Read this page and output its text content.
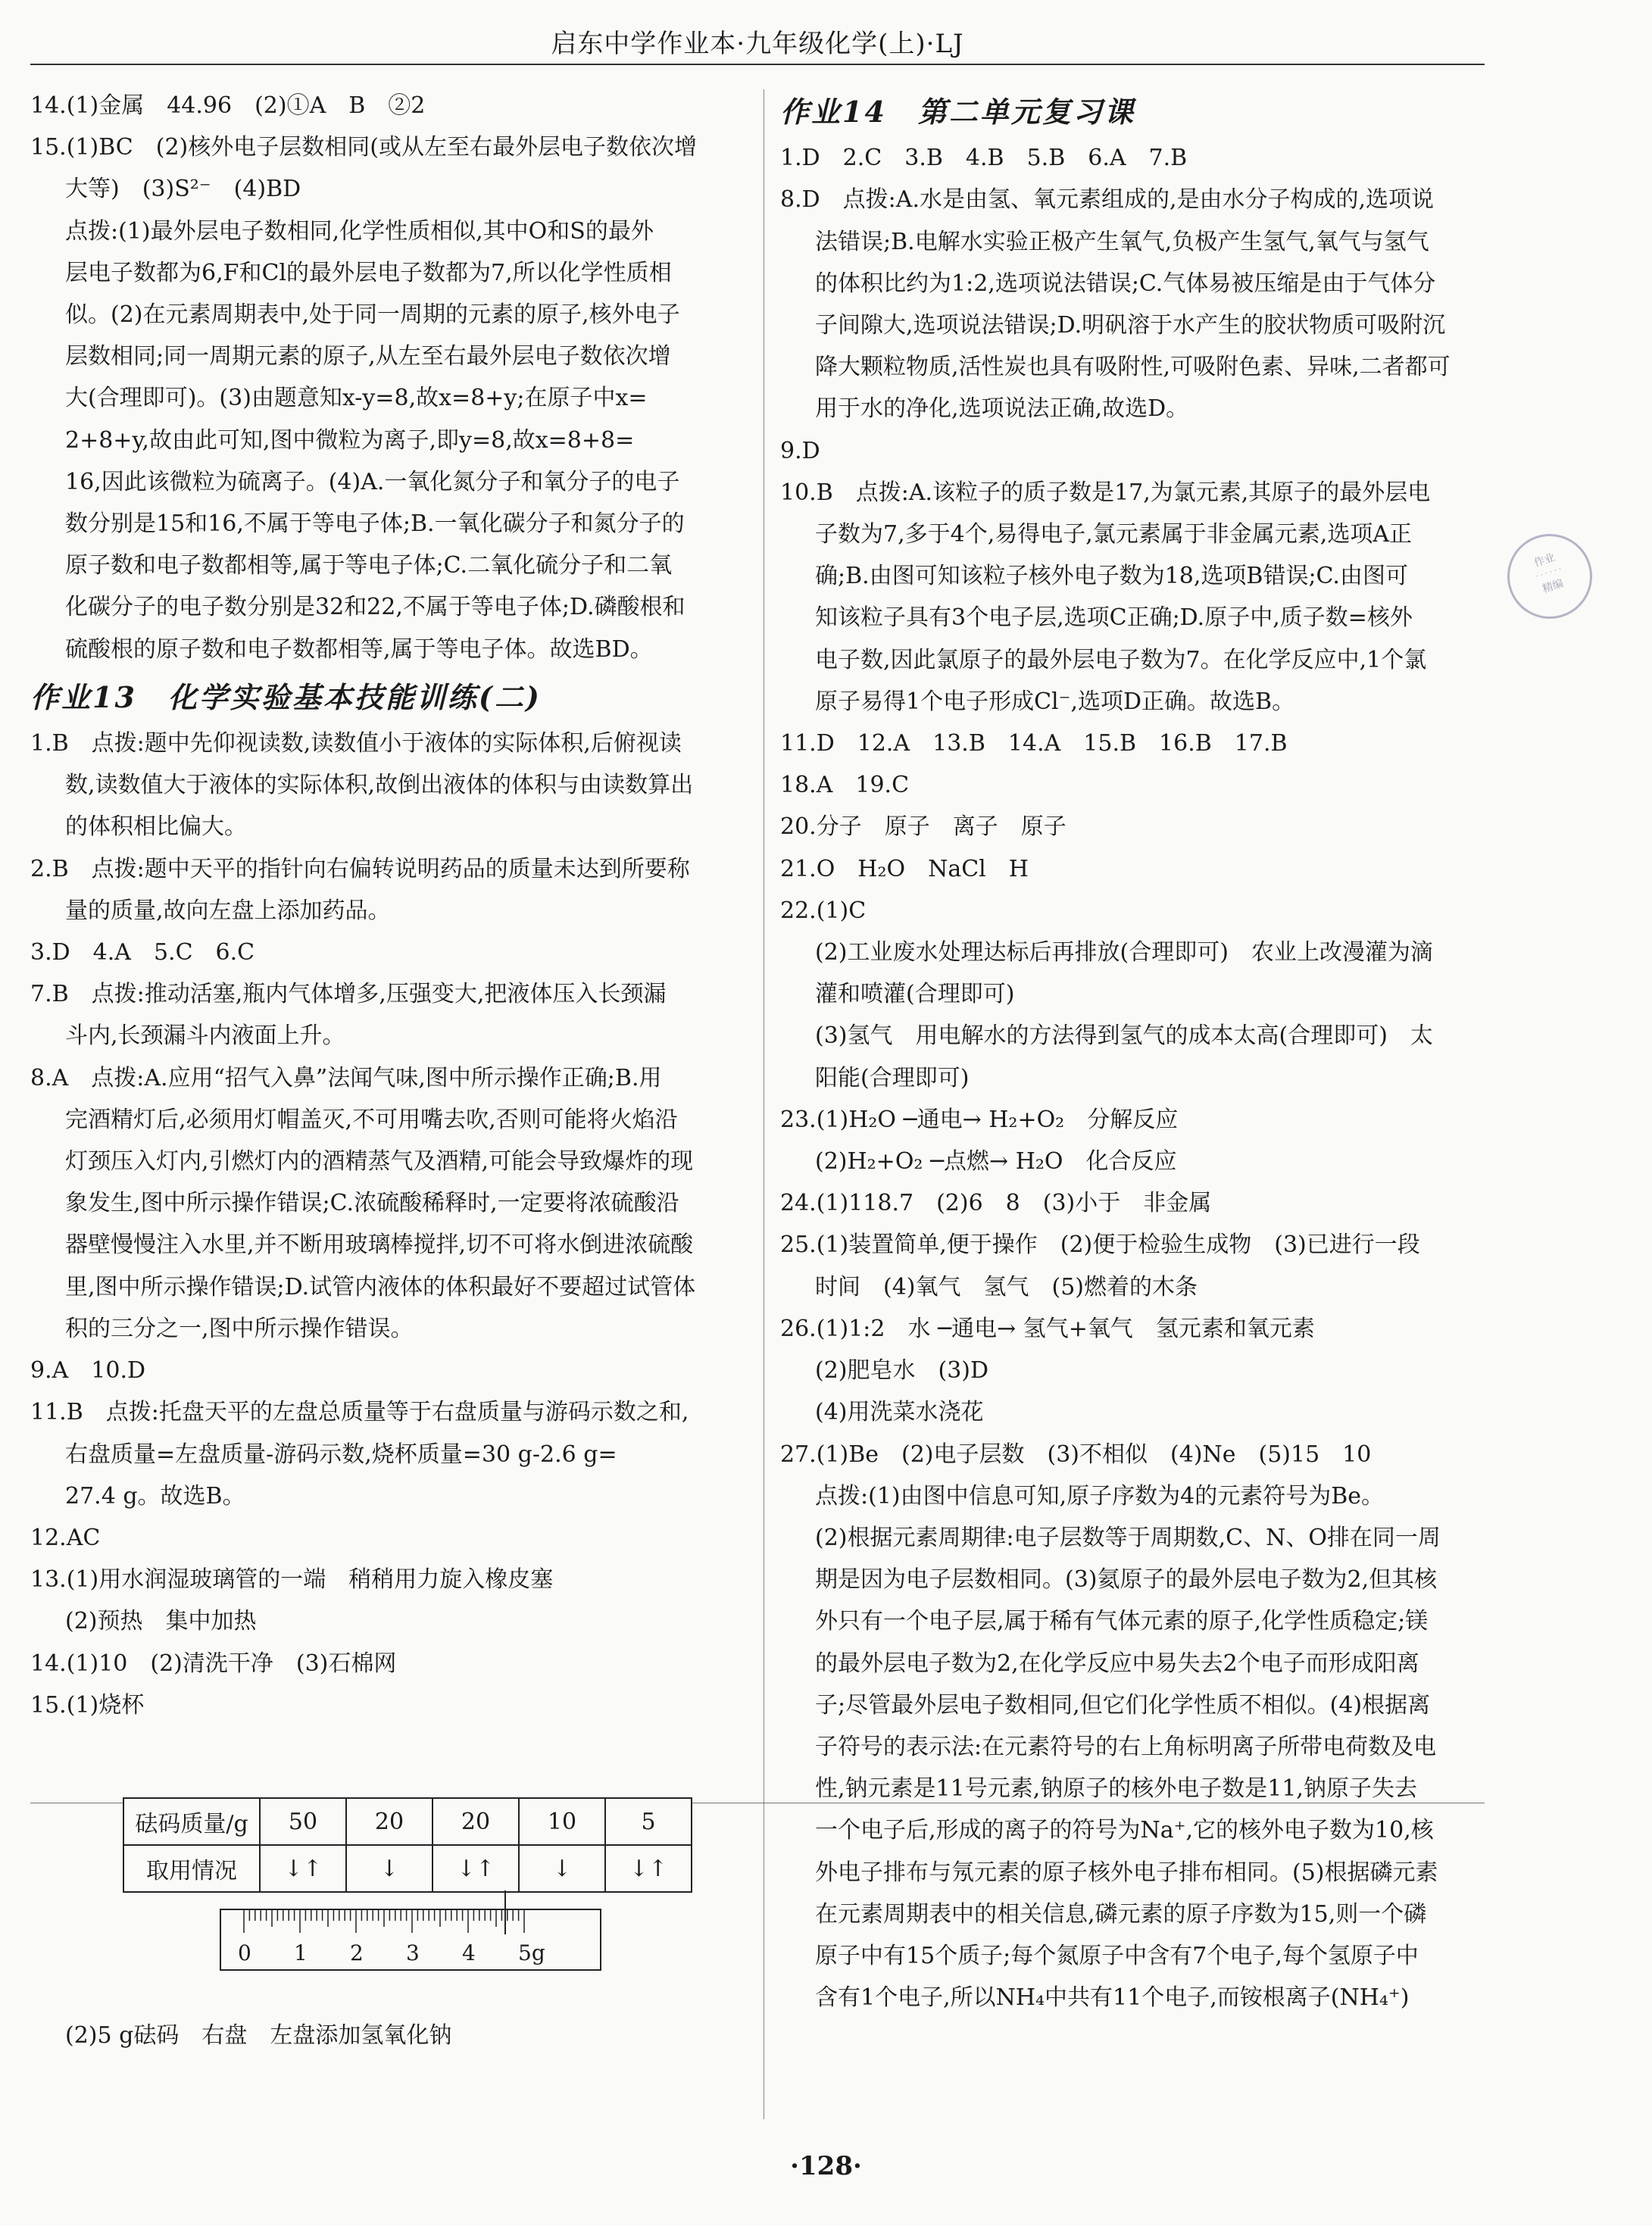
启东中学作业本·九年级化学(上)·LJ
14.(1)金属　44.96　(2)①A　B　②2
15.(1)BC　(2)核外电子层数相同(或从左至右最外层电子数依次增
大等)　(3)S²⁻　(4)BD
点拨:(1)最外层电子数相同,化学性质相似,其中O和S的最外
层电子数都为6,F和Cl的最外层电子数都为7,所以化学性质相
似。(2)在元素周期表中,处于同一周期的元素的原子,核外电子
层数相同;同一周期元素的原子,从左至右最外层电子数依次增
大(合理即可)。(3)由题意知x-y=8,故x=8+y;在原子中x=
2+8+y,故由此可知,图中微粒为离子,即y=8,故x=8+8=
16,因此该微粒为硫离子。(4)A.一氧化氮分子和氧分子的电子
数分别是15和16,不属于等电子体;B.一氧化碳分子和氮分子的
原子数和电子数都相等,属于等电子体;C.二氧化硫分子和二氧
化碳分子的电子数分别是32和22,不属于等电子体;D.磷酸根和
硫酸根的原子数和电子数都相等,属于等电子体。故选BD。
作业13　化学实验基本技能训练(二)
1.B　点拨:题中先仰视读数,读数值小于液体的实际体积,后俯视读
数,读数值大于液体的实际体积,故倒出液体的体积与由读数算出
的体积相比偏大。
2.B　点拨:题中天平的指针向右偏转说明药品的质量未达到所要称
量的质量,故向左盘上添加药品。
3.D　4.A　5.C　6.C
7.B　点拨:推动活塞,瓶内气体增多,压强变大,把液体压入长颈漏
斗内,长颈漏斗内液面上升。
8.A　点拨:A.应用“招气入鼻”法闻气味,图中所示操作正确;B.用
完酒精灯后,必须用灯帽盖灭,不可用嘴去吹,否则可能将火焰沿
灯颈压入灯内,引燃灯内的酒精蒸气及酒精,可能会导致爆炸的现
象发生,图中所示操作错误;C.浓硫酸稀释时,一定要将浓硫酸沿
器壁慢慢注入水里,并不断用玻璃棒搅拌,切不可将水倒进浓硫酸
里,图中所示操作错误;D.试管内液体的体积最好不要超过试管体
积的三分之一,图中所示操作错误。
9.A　10.D
11.B　点拨:托盘天平的左盘总质量等于右盘质量与游码示数之和,
右盘质量=左盘质量-游码示数,烧杯质量=30 g-2.6 g=
27.4 g。故选B。
12.AC
13.(1)用水润湿玻璃管的一端　稍稍用力旋入橡皮塞
(2)预热　集中加热
14.(1)10　(2)清洗干净　(3)石棉网
15.(1)烧杯
作业14　第二单元复习课
1.D　2.C　3.B　4.B　5.B　6.A　7.B
8.D　点拨:A.水是由氢、氧元素组成的,是由水分子构成的,选项说
法错误;B.电解水实验正极产生氧气,负极产生氢气,氧气与氢气
的体积比约为1:2,选项说法错误;C.气体易被压缩是由于气体分
子间隙大,选项说法错误;D.明矾溶于水产生的胶状物质可吸附沉
降大颗粒物质,活性炭也具有吸附性,可吸附色素、异味,二者都可
用于水的净化,选项说法正确,故选D。
9.D
10.B　点拨:A.该粒子的质子数是17,为氯元素,其原子的最外层电
子数为7,多于4个,易得电子,氯元素属于非金属元素,选项A正
确;B.由图可知该粒子核外电子数为18,选项B错误;C.由图可
知该粒子具有3个电子层,选项C正确;D.原子中,质子数=核外
电子数,因此氯原子的最外层电子数为7。在化学反应中,1个氯
原子易得1个电子形成Cl⁻,选项D正确。故选B。
11.D　12.A　13.B　14.A　15.B　16.B　17.B
18.A　19.C
20.分子　原子　离子　原子
21.O　H₂O　NaCl　H
22.(1)C
(2)工业废水处理达标后再排放(合理即可)　农业上改漫灌为滴
灌和喷灌(合理即可)
(3)氢气　用电解水的方法得到氢气的成本太高(合理即可)　太
阳能(合理即可)
23.(1)H₂O ─通电→ H₂+O₂　分解反应
(2)H₂+O₂ ─点燃→ H₂O　化合反应
24.(1)118.7　(2)6　8　(3)小于　非金属
25.(1)装置简单,便于操作　(2)便于检验生成物　(3)已进行一段
时间　(4)氧气　氢气　(5)燃着的木条
26.(1)1:2　水 ─通电→ 氢气+氧气　氢元素和氧元素
(2)肥皂水　(3)D
(4)用洗菜水浇花
27.(1)Be　(2)电子层数　(3)不相似　(4)Ne　(5)15　10
点拨:(1)由图中信息可知,原子序数为4的元素符号为Be。
(2)根据元素周期律:电子层数等于周期数,C、N、O排在同一周
期是因为电子层数相同。(3)氦原子的最外层电子数为2,但其核
外只有一个电子层,属于稀有气体元素的原子,化学性质稳定;镁
的最外层电子数为2,在化学反应中易失去2个电子而形成阳离
子;尽管最外层电子数相同,但它们化学性质不相似。(4)根据离
子符号的表示法:在元素符号的右上角标明离子所带电荷数及电
性,钠元素是11号元素,钠原子的核外电子数是11,钠原子失去
一个电子后,形成的离子的符号为Na⁺,它的核外电子数为10,核
外电子排布与氖元素的原子核外电子排布相同。(5)根据磷元素
在元素周期表中的相关信息,磷元素的原子序数为15,则一个磷
原子中有15个质子;每个氮原子中含有7个电子,每个氢原子中
含有1个电子,所以NH₄中共有11个电子,而铵根离子(NH₄⁺)
砝码质量/g	50	20	20	10	5
取用情况	↓↑	↓	↓↑	↓	↓↑
0 1 2 3 4 5g
(2)5 g砝码　右盘　左盘添加氢氧化钠
作业
· · · · · ·
精编
·128·
